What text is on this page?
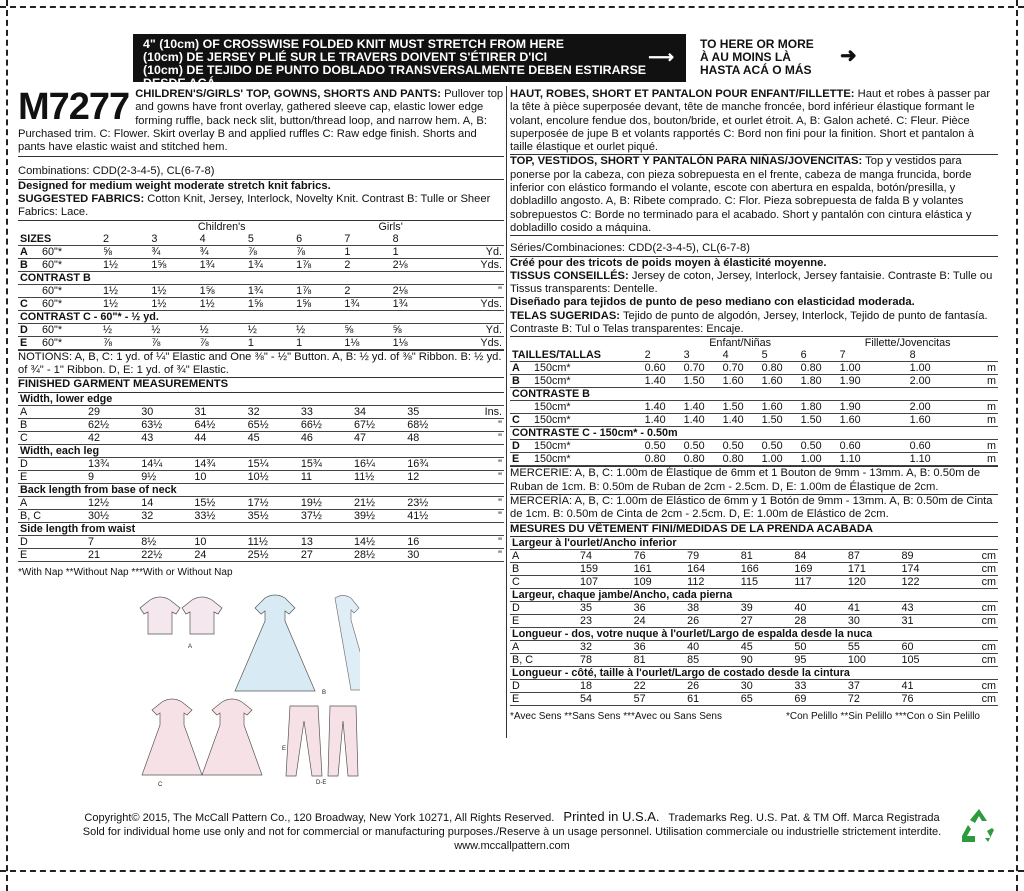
4" (10cm) OF CROSSWISE FOLDED KNIT MUST STRETCH FROM HERE
(10cm) DE JERSEY PLIÉ SUR LE TRAVERS DOIVENT S'ÉTIRER D'ICI
(10cm) DE TEJIDO DE PUNTO DOBLADO TRANSVERSALMENTE DEBEN ESTIRARSE DESDE ACÁ
⟶
TO HERE OR MORE
À AU MOINS LÀ
HASTA ACÁ O MÁS
➜
M7277 CHILDREN'S/GIRLS' TOP, GOWNS, SHORTS AND PANTS: Pullover top and gowns have front overlay, gathered sleeve cap, elastic lower edge forming ruffle, back neck slit, button/thread loop, and narrow hem. A, B: Purchased trim. C: Flower. Skirt overlay B and applied ruffles C: Raw edge finish. Shorts and pants have elastic waist and stitched hem.
Combinations: CDD(2-3-4-5), CL(6-7-8)
Designed for medium weight moderate stretch knit fabrics.
SUGGESTED FABRICS: Cotton Knit, Jersey, Interlock, Novelty Knit. Contrast B: Tulle or Sheer Fabrics: Lace.
		Children's					Girls'		
SIZES		2	3	4	5	6	7	8	
A	60"*	⅝	¾	¾	⅞	⅞	1	1	Yd.
B	60"*	1½	1⅝	1¾	1¾	1⅞	2	2⅛	Yds.
CONTRAST B									
	60"*	1½	1½	1⅝	1¾	1⅞	2	2⅛	"
C	60"*	1½	1½	1½	1⅝	1⅝	1¾	1¾	Yds.
CONTRAST C - 60"* - ½ yd.									
D	60"*	½	½	½	½	½	⅝	⅝	Yd.
E	60"*	⅞	⅞	⅞	1	1	1⅛	1⅛	Yds.
NOTIONS: A, B, C: 1 yd. of ¼" Elastic and One ⅜" - ½" Button. A, B: ½ yd. of ⅜" Ribbon. B: ½ yd. of ¾" - 1" Ribbon. D, E: 1 yd. of ¾" Elastic.
FINISHED GARMENT MEASUREMENTS
Width, lower edge									
A		29	30	31	32	33	34	35	Ins.
B		62½	63½	64½	65½	66½	67½	68½	"
C		42	43	44	45	46	47	48	"
Width, each leg									
D		13¾	14¼	14¾	15¼	15¾	16¼	16¾	"
E		9	9½	10	10½	11	11½	12	"
Back length from base of neck									
A		12½	14	15½	17½	19½	21½	23½	"
B, C		30½	32	33½	35½	37½	39½	41½	"
Side length from waist									
D		7	8½	10	11½	13	14½	16	"
E		21	22½	24	25½	27	28½	30	"
*With Nap **Without Nap ***With or Without Nap
HAUT, ROBES, SHORT ET PANTALON POUR ENFANT/FILLETTE: Haut et robes à passer par la tête à pièce superposée devant, tête de manche froncée, bord inférieur élastique formant le volant, encolure fendue dos, bouton/bride, et ourlet étroit. A, B: Galon acheté. C: Fleur. Pièce superposée de jupe B et volants rapportés C: Bord non fini pour la finition. Short et pantalon à taille élastique et ourlet piqué.
TOP, VESTIDOS, SHORT Y PANTALÓN PARA NIÑAS/JOVENCITAS: Top y vestidos para ponerse por la cabeza, con pieza sobrepuesta en el frente, cabeza de manga fruncida, borde inferior con elástico formando el volante, escote con abertura en espalda, botón/presilla, y dobladillo angosto. A, B: Ribete comprado. C: Flor. Pieza sobrepuesta de falda B y volantes sobrepuestos C: Borde no terminado para el acabado. Short y pantalón con cintura elástica y dobladillo cosido a máquina.
Séries/Combinaciones: CDD(2-3-4-5), CL(6-7-8)
Créé pour des tricots de poids moyen à élasticité moyenne.
TISSUS CONSEILLÉS: Jersey de coton, Jersey, Interlock, Jersey fantaisie. Contraste B: Tulle ou Tissus transparents: Dentelle.
Diseñado para tejidos de punto de peso mediano con elasticidad moderada.
TELAS SUGERIDAS: Tejido de punto de algodón, Jersey, Interlock, Tejido de punto de fantasía. Contraste B: Tul o Telas transparentes: Encaje.
		Enfant/Niñas					Fillette/Jovencitas		
TAILLES/TALLAS		2	3	4	5	6	7	8	
A	150cm*	0.60	0.70	0.70	0.80	0.80	1.00	1.00	m
B	150cm*	1.40	1.50	1.60	1.60	1.80	1.90	2.00	m
CONTRASTE B									
	150cm*	1.40	1.40	1.50	1.60	1.80	1.90	2.00	m
C	150cm*	1.40	1.40	1.40	1.50	1.50	1.60	1.60	m
CONTRASTE C - 150cm* - 0.50m									
D	150cm*	0.50	0.50	0.50	0.50	0.50	0.60	0.60	m
E	150cm*	0.80	0.80	0.80	1.00	1.00	1.10	1.10	m
MERCERIE: A, B, C: 1.00m de Élastique de 6mm et 1 Bouton de 9mm - 13mm. A, B: 0.50m de Ruban de 1cm. B: 0.50m de Ruban de 2cm - 2.5cm. D, E: 1.00m de Élastique de 2cm.
MERCERÍA: A, B, C: 1.00m de Elástico de 6mm y 1 Botón de 9mm - 13mm. A, B: 0.50m de Cinta de 1cm. B: 0.50m de Cinta de 2cm - 2.5cm. D, E: 1.00m de Elástico de 2cm.
MESURES DU VÊTEMENT FINI/MEDIDAS DE LA PRENDA ACABADA
Largeur à l'ourlet/Ancho inferior									
A		74	76	79	81	84	87	89	cm
B		159	161	164	166	169	171	174	cm
C		107	109	112	115	117	120	122	cm
Largeur, chaque jambe/Ancho, cada pierna									
D		35	36	38	39	40	41	43	cm
E		23	24	26	27	28	30	31	cm
Longueur - dos, votre nuque à l'ourlet/Largo de espalda desde la nuca									
A		32	36	40	45	50	55	60	cm
B, C		78	81	85	90	95	100	105	cm
Longueur - côté, taille à l'ourlet/Largo de costado desde la cintura									
D		18	22	26	30	33	37	41	cm
E		54	57	61	65	69	72	76	cm
*Avec Sens **Sans Sens ***Avec ou Sans Sens	*Con Pelillo **Sin Pelillo ***Con o Sin Pelillo
A
B
C
E
D-E
Copyright© 2015, The McCall Pattern Co., 120 Broadway, New York 10271, All Rights Reserved. Printed in U.S.A. Trademarks Reg. U.S. Pat. & TM Off. Marca Registrada
Sold for individual home use only and not for commercial or manufacturing purposes./Reserve à un usage personnel. Utilisation commerciale ou industrielle strictement interdite.
www.mccallpattern.com
